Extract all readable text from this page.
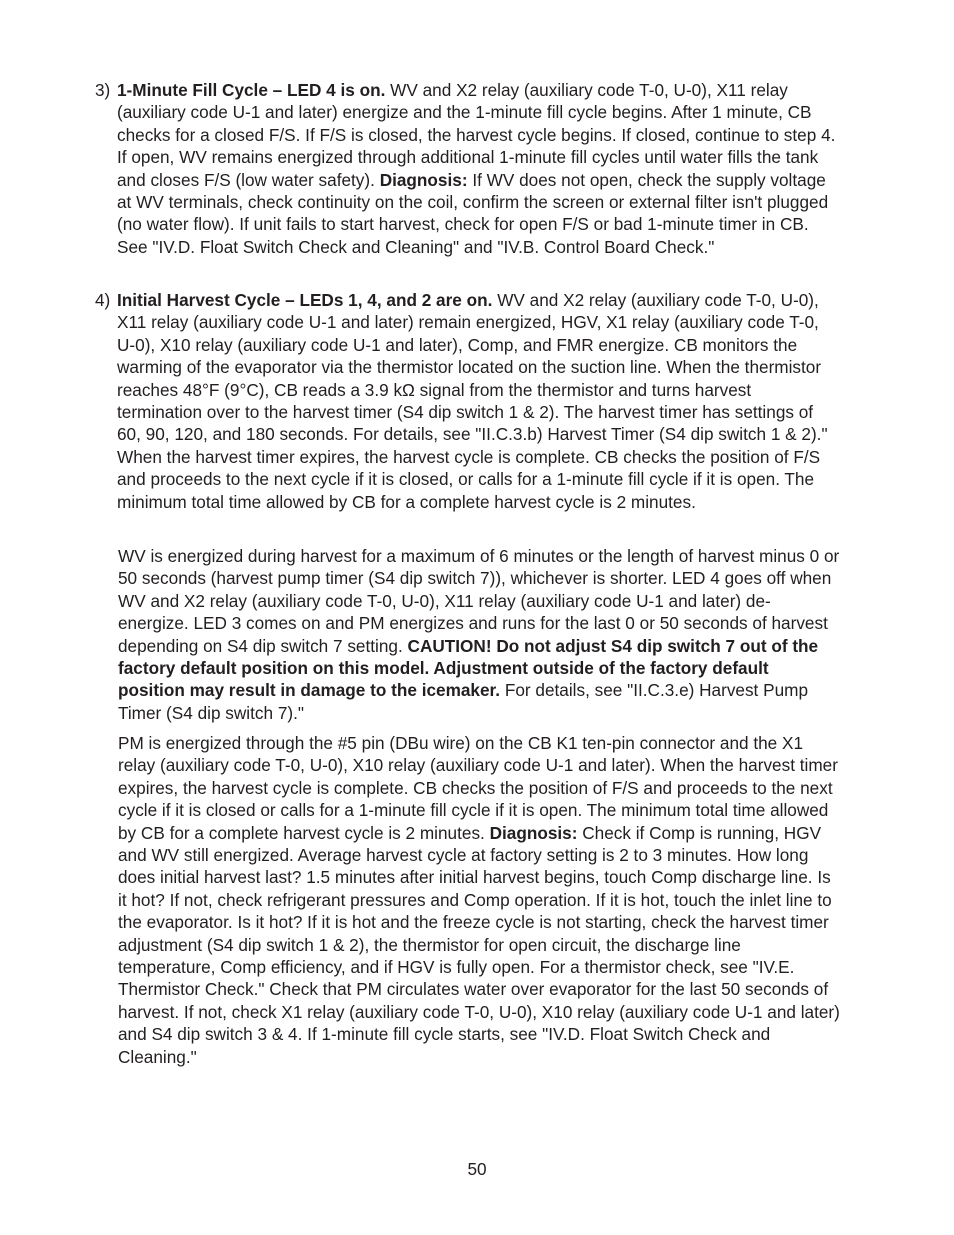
3) 1-Minute Fill Cycle – LED 4 is on. WV and X2 relay (auxiliary code T-0, U-0), X11 relay (auxiliary code U-1 and later) energize and the 1-minute fill cycle begins. After 1 minute, CB checks for a closed F/S. If F/S is closed, the harvest cycle begins. If closed, continue to step 4. If open, WV remains energized through additional 1-minute fill cycles until water fills the tank and closes F/S (low water safety). Diagnosis: If WV does not open, check the supply voltage at WV terminals, check continuity on the coil, confirm the screen or external filter isn't plugged (no water flow). If unit fails to start harvest, check for open F/S or bad 1-minute timer in CB. See "IV.D. Float Switch Check and Cleaning" and "IV.B. Control Board Check."

4) Initial Harvest Cycle – LEDs 1, 4, and 2 are on. WV and X2 relay (auxiliary code T-0, U-0), X11 relay (auxiliary code U-1 and later) remain energized, HGV, X1 relay (auxiliary code T-0, U-0), X10 relay (auxiliary code U-1 and later), Comp, and FMR energize. CB monitors the warming of the evaporator via the thermistor located on the suction line. When the thermistor reaches 48°F (9°C), CB reads a 3.9 kΩ signal from the thermistor and turns harvest termination over to the harvest timer (S4 dip switch 1 & 2). The harvest timer has settings of 60, 90, 120, and 180 seconds. For details, see "II.C.3.b) Harvest Timer (S4 dip switch 1 & 2)." When the harvest timer expires, the harvest cycle is complete. CB checks the position of F/S and proceeds to the next cycle if it is closed, or calls for a 1-minute fill cycle if it is open. The minimum total time allowed by CB for a complete harvest cycle is 2 minutes.

WV is energized during harvest for a maximum of 6 minutes or the length of harvest minus 0 or 50 seconds (harvest pump timer (S4 dip switch 7)), whichever is shorter. LED 4 goes off when WV and X2 relay (auxiliary code T-0, U-0), X11 relay (auxiliary code U-1 and later) de-energize. LED 3 comes on and PM energizes and runs for the last 0 or 50 seconds of harvest depending on S4 dip switch 7 setting. CAUTION! Do not adjust S4 dip switch 7 out of the factory default position on this model. Adjustment outside of the factory default position may result in damage to the icemaker. For details, see "II.C.3.e) Harvest Pump Timer (S4 dip switch 7)."

PM is energized through the #5 pin (DBu wire) on the CB K1 ten-pin connector and the X1 relay (auxiliary code T-0, U-0), X10 relay (auxiliary code U-1 and later). When the harvest timer expires, the harvest cycle is complete. CB checks the position of F/S and proceeds to the next cycle if it is closed or calls for a 1-minute fill cycle if it is open. The minimum total time allowed by CB for a complete harvest cycle is 2 minutes. Diagnosis: Check if Comp is running, HGV and WV still energized. Average harvest cycle at factory setting is 2 to 3 minutes. How long does initial harvest last? 1.5 minutes after initial harvest begins, touch Comp discharge line. Is it hot? If not, check refrigerant pressures and Comp operation. If it is hot, touch the inlet line to the evaporator. Is it hot? If it is hot and the freeze cycle is not starting, check the harvest timer adjustment (S4 dip switch 1 & 2), the thermistor for open circuit, the discharge line temperature, Comp efficiency, and if HGV is fully open. For a thermistor check, see "IV.E. Thermistor Check." Check that PM circulates water over evaporator for the last 50 seconds of harvest. If not, check X1 relay (auxiliary code T-0, U-0), X10 relay (auxiliary code U-1 and later) and S4 dip switch 3 & 4. If 1-minute fill cycle starts, see "IV.D. Float Switch Check and Cleaning."

50
